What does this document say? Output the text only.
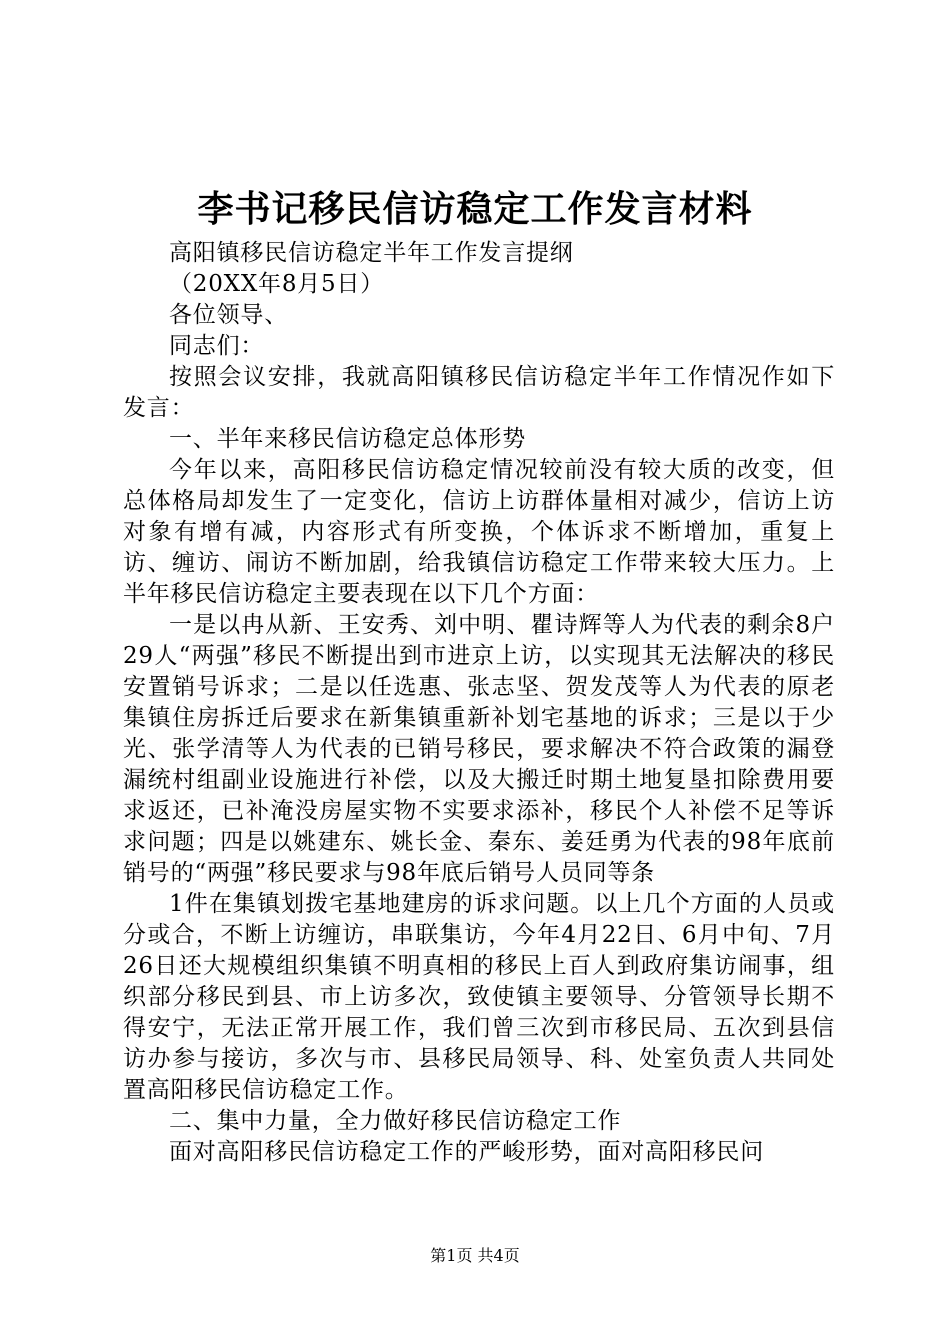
李书记移民信访稳定工作发言材料

高阳镇移民信访稳定半年工作发言提纲

（20XX年8月5日）

各位领导、

同志们：

按照会议安排，我就高阳镇移民信访稳定半年工作情况作如下发言：

一、半年来移民信访稳定总体形势

今年以来，高阳移民信访稳定情况较前没有较大质的改变，但总体格局却发生了一定变化，信访上访群体量相对减少，信访上访对象有增有减，内容形式有所变换，个体诉求不断增加，重复上访、缠访、闹访不断加剧，给我镇信访稳定工作带来较大压力。上半年移民信访稳定主要表现在以下几个方面：

一是以冉从新、王安秀、刘中明、瞿诗辉等人为代表的剩余8户29人“两强”移民不断提出到市进京上访，以实现其无法解决的移民安置销号诉求；二是以任选惠、张志坚、贺发茂等人为代表的原老集镇住房拆迁后要求在新集镇重新补划宅基地的诉求；三是以于少光、张学清等人为代表的已销号移民，要求解决不符合政策的漏登漏统村组副业设施进行补偿，以及大搬迁时期土地复垦扣除费用要求返还，已补淹没房屋实物不实要求添补，移民个人补偿不足等诉求问题；四是以姚建东、姚长金、秦东、姜廷勇为代表的98年底前销号的“两强”移民要求与98年底后销号人员同等条

1件在集镇划拨宅基地建房的诉求问题。以上几个方面的人员或分或合，不断上访缠访，串联集访，今年4月22日、6月中旬、7月26日还大规模组织集镇不明真相的移民上百人到政府集访闹事，组织部分移民到县、市上访多次，致使镇主要领导、分管领导长期不得安宁，无法正常开展工作，我们曾三次到市移民局、五次到县信访办参与接访，多次与市、县移民局领导、科、处室负责人共同处置高阳移民信访稳定工作。

二、集中力量，全力做好移民信访稳定工作

面对高阳移民信访稳定工作的严峻形势，面对高阳移民问

第1页 共4页
